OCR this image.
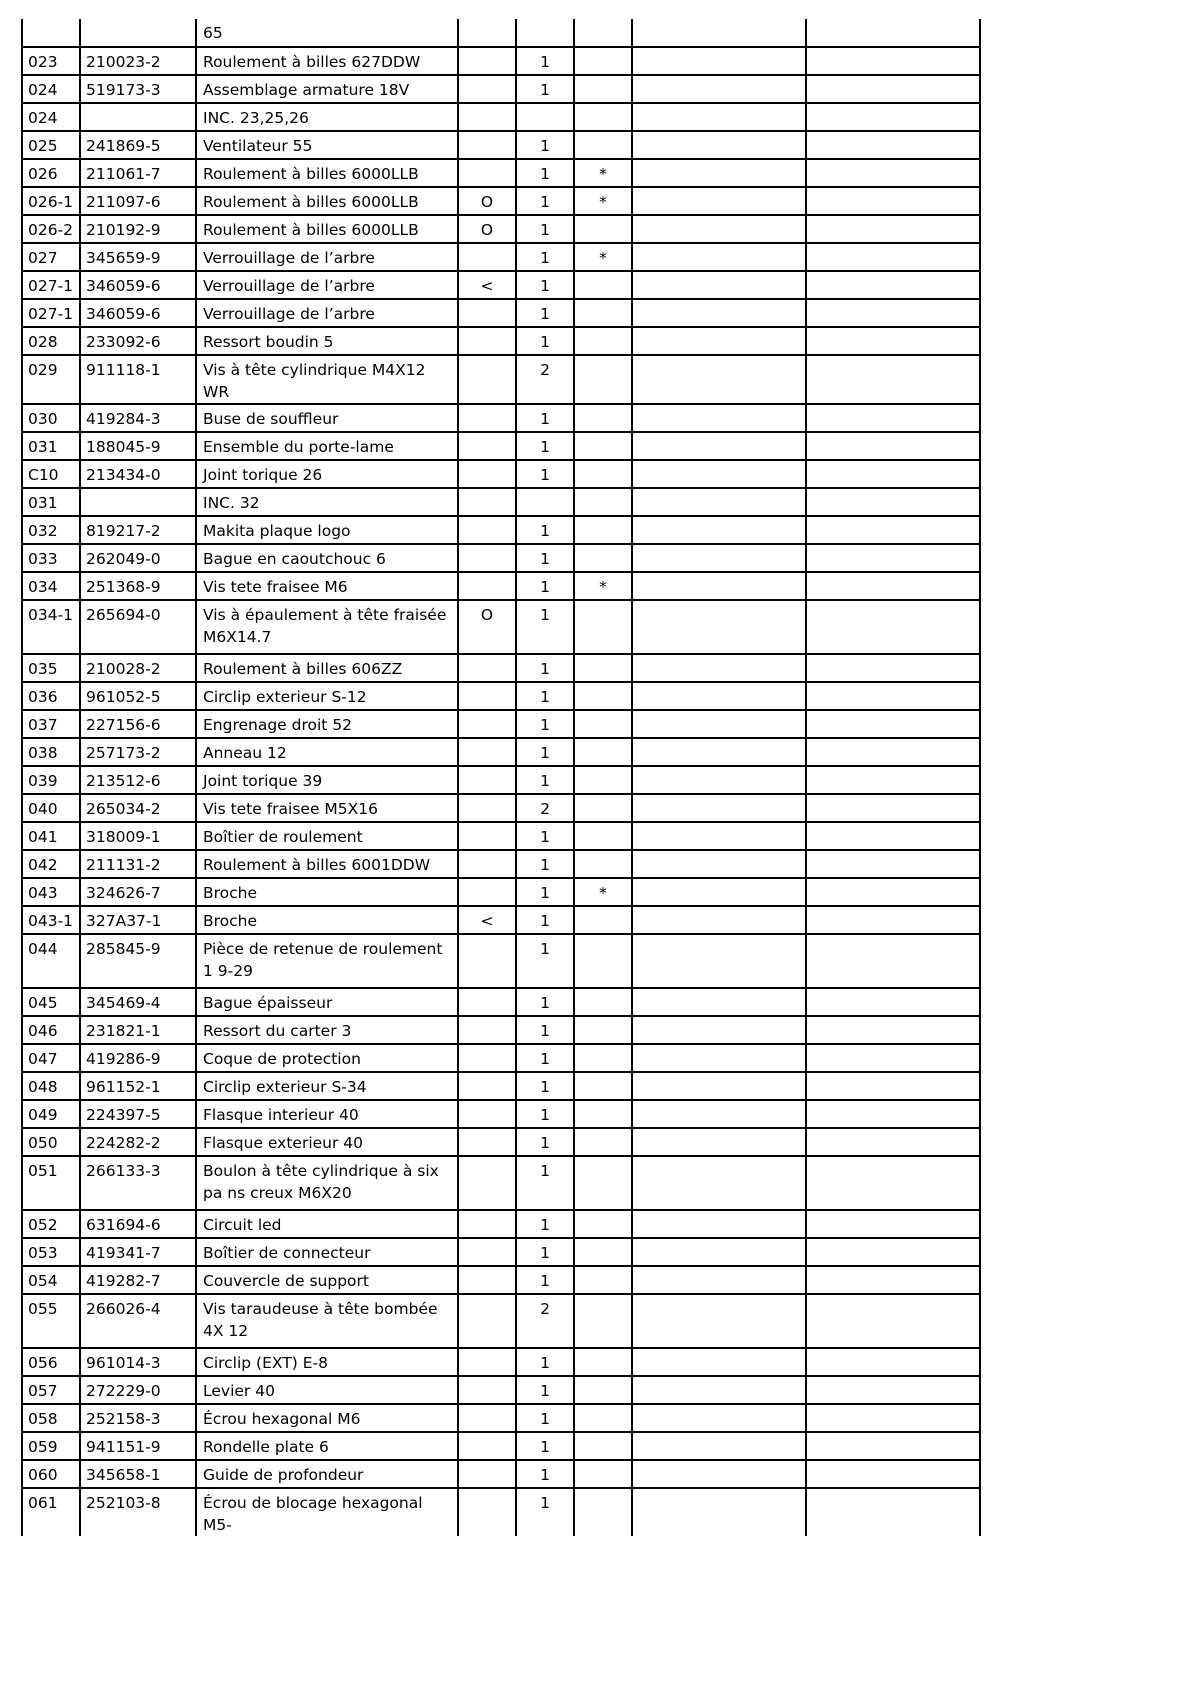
		65					
023	210023-2	Roulement à billes 627DDW		1			
024	519173-3	Assemblage armature 18V		1			
024		INC. 23,25,26					
025	241869-5	Ventilateur 55		1			
026	211061-7	Roulement à billes 6000LLB		1	*		
026-1	211097-6	Roulement à billes 6000LLB	O	1	*		
026-2	210192-9	Roulement à billes 6000LLB	O	1			
027	345659-9	Verrouillage de l’arbre		1	*		
027-1	346059-6	Verrouillage de l’arbre	<	1			
027-1	346059-6	Verrouillage de l’arbre		1			
028	233092-6	Ressort boudin 5		1			
029	911118-1	Vis à tête cylindrique M4X12 WR		2			
030	419284-3	Buse de souffleur		1			
031	188045-9	Ensemble du porte-lame		1			
C10	213434-0	Joint torique 26		1			
031		INC. 32					
032	819217-2	Makita plaque logo		1			
033	262049-0	Bague en caoutchouc 6		1			
034	251368-9	Vis tete fraisee M6		1	*		
034-1	265694-0	Vis à épaulement à tête fraisée M6X14.7	O	1			
035	210028-2	Roulement à billes 606ZZ		1			
036	961052-5	Circlip exterieur S-12		1			
037	227156-6	Engrenage droit 52		1			
038	257173-2	Anneau 12		1			
039	213512-6	Joint torique 39		1			
040	265034-2	Vis tete fraisee M5X16		2			
041	318009-1	Boîtier de roulement		1			
042	211131-2	Roulement à billes 6001DDW		1			
043	324626-7	Broche		1	*		
043-1	327A37-1	Broche	<	1			
044	285845-9	Pièce de retenue de roulement 1 9-29		1			
045	345469-4	Bague épaisseur		1			
046	231821-1	Ressort du carter 3		1			
047	419286-9	Coque de protection		1			
048	961152-1	Circlip exterieur S-34		1			
049	224397-5	Flasque interieur 40		1			
050	224282-2	Flasque exterieur 40		1			
051	266133-3	Boulon à tête cylindrique à six pa ns creux M6X20		1			
052	631694-6	Circuit led		1			
053	419341-7	Boîtier de connecteur		1			
054	419282-7	Couvercle de support		1			
055	266026-4	Vis taraudeuse à tête bombée 4X 12		2			
056	961014-3	Circlip (EXT) E-8		1			
057	272229-0	Levier 40		1			
058	252158-3	Écrou hexagonal M6		1			
059	941151-9	Rondelle plate 6		1			
060	345658-1	Guide de profondeur		1			
061	252103-8	Écrou de blocage hexagonal M5-		1			
